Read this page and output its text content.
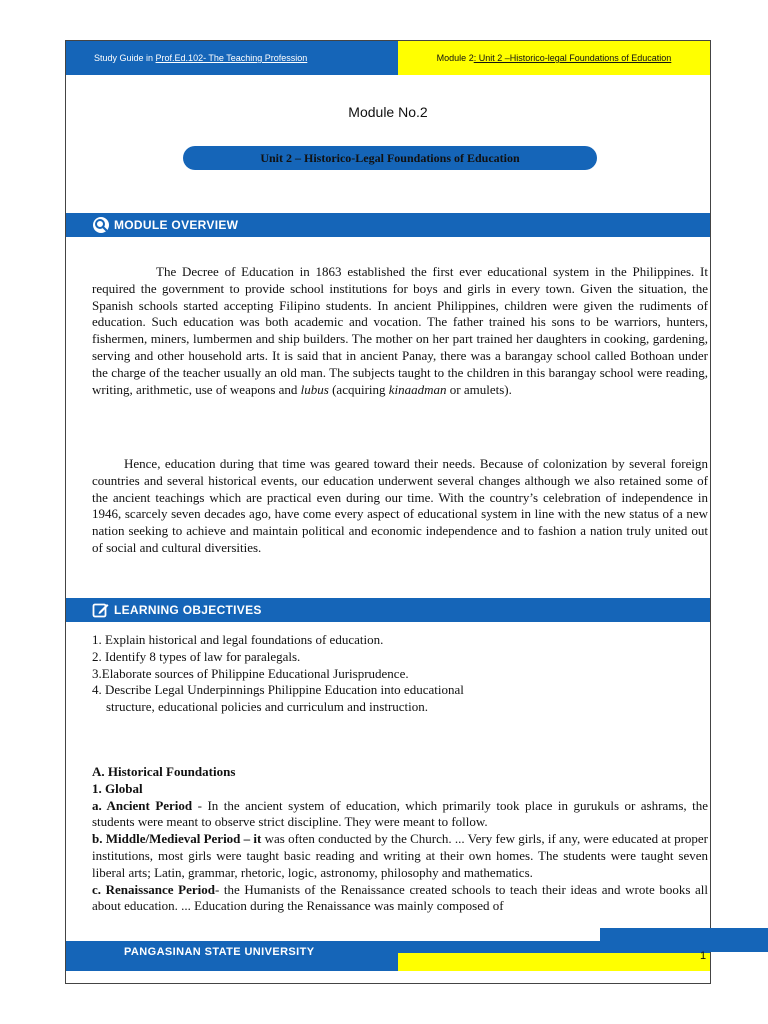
Study Guide in Prof.Ed.102- The Teaching Profession	Module 2 : Unit 2 –Historico-legal Foundations of Education
Module No.2
Unit 2 – Historico-Legal Foundations of Education
MODULE OVERVIEW
The Decree of Education in 1863 established the first ever educational system in the Philippines. It required the government to provide school institutions for boys and girls in every town. Given the situation, the Spanish schools started accepting Filipino students. In ancient Philippines, children were given the rudiments of education. Such education was both academic and vocation. The father trained his sons to be warriors, hunters, fishermen, miners, lumbermen and ship builders. The mother on her part trained her daughters in cooking, gardening, serving and other household arts. It is said that in ancient Panay, there was a barangay school called Bothoan under the charge of the teacher usually an old man. The subjects taught to the children in this barangay school were reading, writing, arithmetic, use of weapons and lubus (acquiring kinaadman or amulets).
Hence, education during that time was geared toward their needs. Because of colonization by several foreign countries and several historical events, our education underwent several changes although we also retained some of the ancient teachings which are practical even during our time. With the country’s celebration of independence in 1946, scarcely seven decades ago, have come every aspect of educational system in line with the new status of a new nation seeking to achieve and maintain political and economic independence and to fashion a nation truly united out of social and cultural diversities.
LEARNING OBJECTIVES
1. Explain historical and legal foundations of education.
2. Identify 8 types of law for paralegals.
3.Elaborate sources of Philippine Educational Jurisprudence.
4. Describe Legal Underpinnings Philippine Education into educational
structure, educational policies and curriculum and instruction.

A. Historical Foundations

1. Global

a. Ancient Period - In the ancient system of education, which primarily took place in gurukuls or ashrams, the students were meant to observe strict discipline. They were meant to follow.

b. Middle/Medieval Period – it was often conducted by the Church. ... Very few girls, if any, were educated at proper institutions, most girls were taught basic reading and writing at their own homes. The students were taught seven liberal arts; Latin, grammar, rhetoric, logic, astronomy, philosophy and mathematics.

c. Renaissance Period- the Humanists of the Renaissance created schools to teach their ideas and wrote books all about education. ... Education during the Renaissance was mainly composed of

PANGASINAN STATE UNIVERSITY	1
